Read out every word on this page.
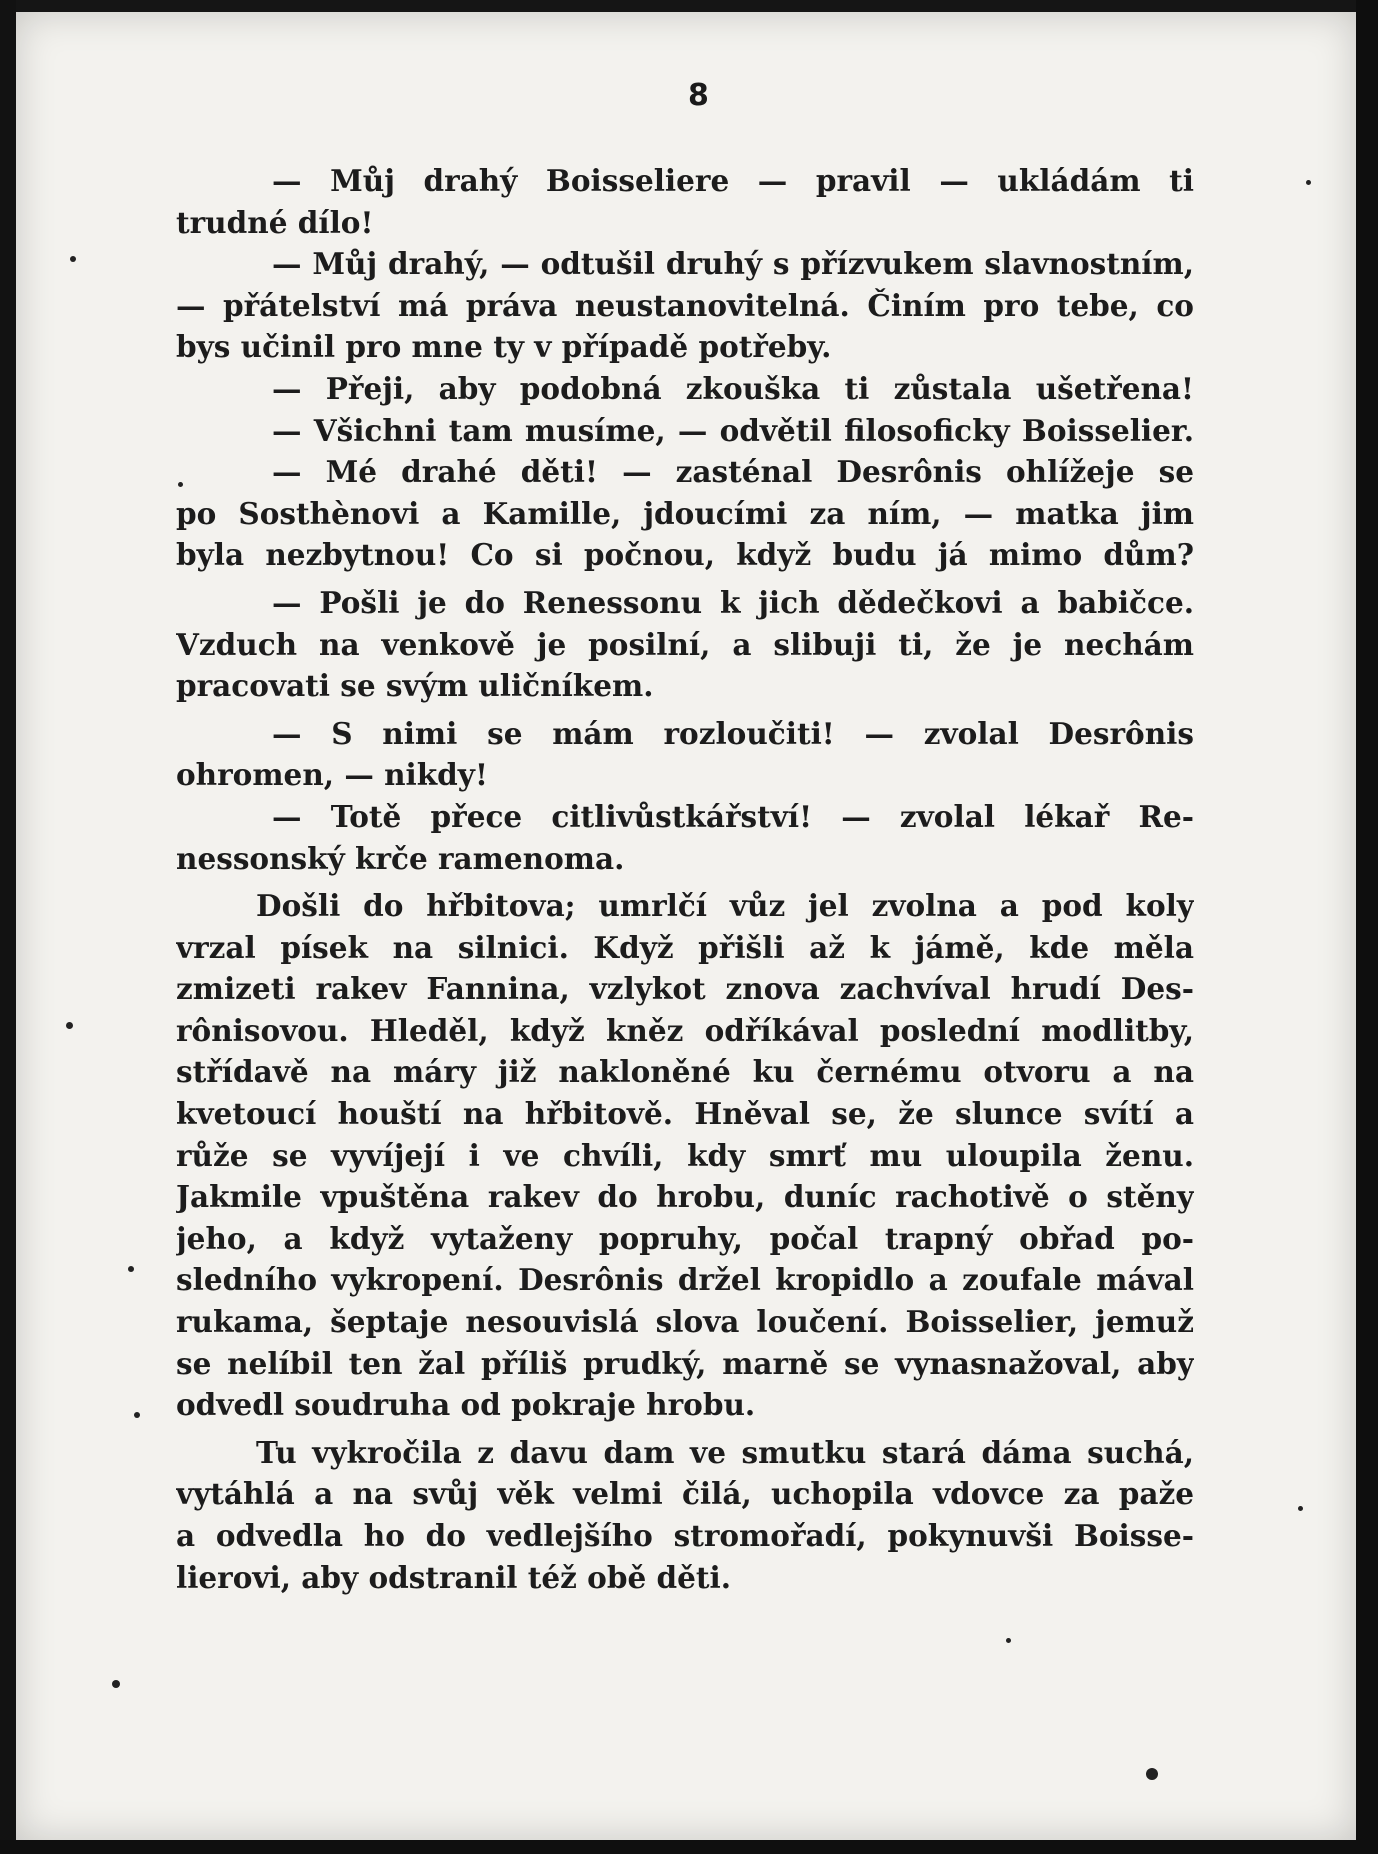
8
— Můj drahý Boisseliere — pravil — ukládám ti
trudné dílo!
— Můj drahý, — odtušil druhý s přízvukem slavnostním,
— přátelství má práva neustanovitelná. Činím pro tebe, co
bys učinil pro mne ty v případě potřeby.
— Přeji, aby podobná zkouška ti zůstala ušetřena!
— Všichni tam musíme, — odvětil filosoficky Boisselier.
— Mé drahé děti! — zasténal Desrônis ohlížeje se
po Sosthènovi a Kamille, jdoucími za ním, — matka jim
byla nezbytnou! Co si počnou, když budu já mimo dům?
— Pošli je do Renessonu k jich dědečkovi a babičce.
Vzduch na venkově je posilní, a slibuji ti, že je nechám
pracovati se svým uličníkem.
— S nimi se mám rozloučiti! — zvolal Desrônis
ohromen, — nikdy!
— Totě přece citlivůstkářství! — zvolal lékař Re-
nessonský krče ramenoma.
Došli do hřbitova; umrlčí vůz jel zvolna a pod koly
vrzal písek na silnici. Když přišli až k jámě, kde měla
zmizeti rakev Fannina, vzlykot znova zachvíval hrudí Des-
rônisovou. Hleděl, když kněz odříkával poslední modlitby,
střídavě na máry již nakloněné ku černému otvoru a na
kvetoucí houští na hřbitově. Hněval se, že slunce svítí a
růže se vyvíjejí i ve chvíli, kdy smrť mu uloupila ženu.
Jakmile vpuštěna rakev do hrobu, duníc rachotivě o stěny
jeho, a když vytaženy popruhy, počal trapný obřad po-
sledního vykropení. Desrônis držel kropidlo a zoufale mával
rukama, šeptaje nesouvislá slova loučení. Boisselier, jemuž
se nelíbil ten žal příliš prudký, marně se vynasnažoval, aby
odvedl soudruha od pokraje hrobu.
Tu vykročila z davu dam ve smutku stará dáma suchá,
vytáhlá a na svůj věk velmi čilá, uchopila vdovce za paže
a odvedla ho do vedlejšího stromořadí, pokynuvši Boisse-
lierovi, aby odstranil též obě děti.
